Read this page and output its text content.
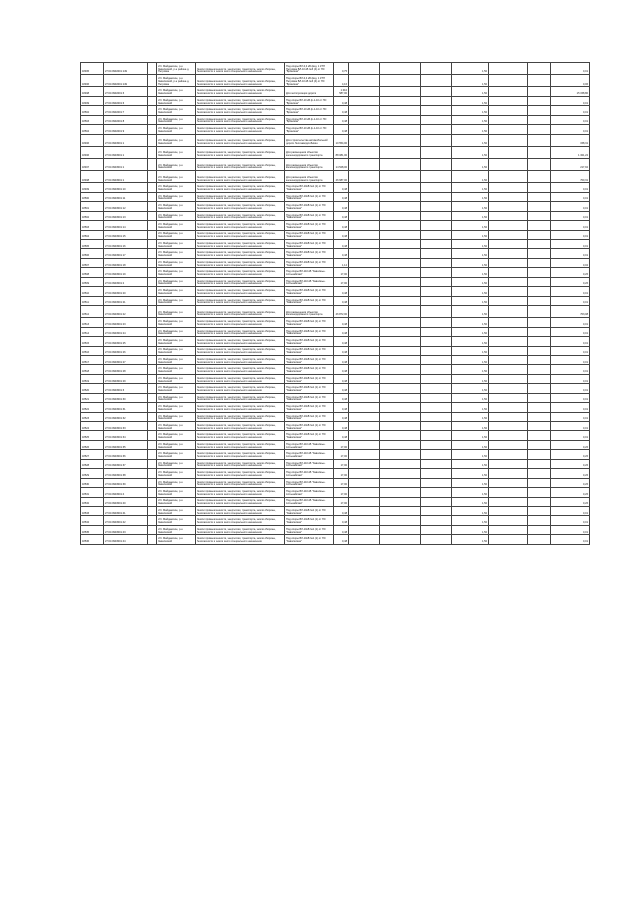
18495	27:04:0902001:149		хбт. Майданское, р-н Заволжский, р-н района д. Петровка	Земли промышленности, энергетики, транспорта, земли обороны, безопасности и земли иного специального назначения	Под опоры ВЛ-0,4 кВ фид. 1 КТП Петровка ВЛ-10 кВ №3 (4) от ПС "Брянская"	0,75				1,50			0,01
18496	27:04:0902001:149		хбт. Майданское, р-н Заволжский, р-н района д. Петровка	Земли промышленности, энергетики, транспорта, земли обороны, безопасности и земли иного специального назначения	Под опоры ВЛ-0,4 кВ фид. 1 КТП Петровка ВЛ-10 кВ №3 (4) от ПС "Брянская"	4,16				1,50			0,06
18498	27:04:0902001:3		хбт. Майданское, р-н Заволжский	Земли промышленности, энергетики, транспорта, земли обороны, безопасности и земли иного специального назначения	Для эксплуатации дороги	1 010 587,00				1,50			15 158,80
18499	27:04:0902001:6		хбт. Майданское, р-н Заволжский	Земли промышленности, энергетики, транспорта, земли обороны, безопасности и земли иного специального назначения	Под опоры ВЛ-10 кВ ф-1-10 от ПС "Брянская"	0,48				1,50			0,01
18502	27:04:0902001:7		хбт. Майданское, р-н Заволжский	Земли промышленности, энергетики, транспорта, земли обороны, безопасности и земли иного специального назначения	Под опоры ВЛ-10 кВ ф-1-10 от ПС "Брянская"	0,48				1,50			0,01
18503	27:04:0902001:8		хбт. Майданское, р-н Заволжский	Земли промышленности, энергетики, транспорта, земли обороны, безопасности и земли иного специального назначения	Под опоры ВЛ-10 кВ ф-1-10 от ПС "Брянская"	0,48				1,50			0,01
18504	27:04:0902001:9		хбт. Майданское, р-н Заволжский	Земли промышленности, энергетики, транспорта, земли обороны, безопасности и земли иного специального назначения	Под опоры ВЛ-10 кВ ф-1-10 от ПС "Брянская"	0,48				1,50			0,01
18496	27:04:0903001:1		хбт. Майданское, р-н Заволжский	Земли промышленности, энергетики, транспорта, земли обороны, безопасности и земли иного специального назначения	Для строительства автомобильной дороги Лесозаводск-Бикин	10 554,00				1,50			158,31
18496	27:04:0903001:1		хбт. Майданское, р-н Заволжский	Земли промышленности, энергетики, транспорта, земли обороны, безопасности и земли иного специального назначения	Для размещения объектов железнодорожного транспорта	88 081,00				1,50			1 321,22
18497	27:04:0903001:1		хбт. Майданское, р-н Заволжский	Земли промышленности, энергетики, транспорта, земли обороны, безопасности и земли иного специального назначения	Для размещения объектов железнодорожного транспорта	14 528,00				1,50			217,92
18498	27:04:0903001:1		хбт. Майданское, р-н Заволжский	Земли промышленности, энергетики, транспорта, земли обороны, безопасности и земли иного специального назначения	Для размещения объектов железнодорожного транспорта	46 687,00				1,50			700,31
18499	27:04:0903001:10		хбт. Майданское, р-н Заволжский	Земли промышленности, энергетики, транспорта, земли обороны, безопасности и земли иного специального назначения	Под опоры ВЛ-10кВ №1 (1) от ПС "Заволжская"	0,48				1,50			0,01
18500	27:04:0903001:11		хбт. Майданское, р-н Заволжский	Земли промышленности, энергетики, транспорта, земли обороны, безопасности и земли иного специального назначения	Под опоры ВЛ-10кВ №1 (1) от ПС "Заволжская"	0,48				1,50			0,01
18501	27:04:0903001:12		хбт. Майданское, р-н Заволжский	Земли промышленности, энергетики, транспорта, земли обороны, безопасности и земли иного специального назначения	Под опоры ВЛ-10кВ №1 (1) от ПС "Заволжская"	0,48				1,50			0,01
18502	27:04:0903001:13		хбт. Майданское, р-н Заволжский	Земли промышленности, энергетики, транспорта, земли обороны, безопасности и земли иного специального назначения	Под опоры ВЛ-10кВ №1 (1) от ПС "Заволжская"	0,48				1,50			0,01
18503	27:04:0903001:14		хбт. Майданское, р-н Заволжский	Земли промышленности, энергетики, транспорта, земли обороны, безопасности и земли иного специального назначения	Под опоры ВЛ-10кВ №1 (1) от ПС "Заволжская"	0,48				1,50			0,01
18504	27:04:0903001:15		хбт. Майданское, р-н Заволжский	Земли промышленности, энергетики, транспорта, земли обороны, безопасности и земли иного специального назначения	Под опоры ВЛ-10кВ №1 (1) от ПС "Заволжская"	0,48				1,50			0,01
18505	27:04:0903001:16		хбт. Майданское, р-н Заволжский	Земли промышленности, энергетики, транспорта, земли обороны, безопасности и земли иного специального назначения	Под опоры ВЛ-10кВ №1 (1) от ПС "Заволжская"	0,48				1,50			0,01
18506	27:04:0903001:17		хбт. Майданское, р-н Заволжский	Земли промышленности, энергетики, транспорта, земли обороны, безопасности и земли иного специального назначения	Под опоры ВЛ-10кВ №1 (1) от ПС "Заволжская"	0,48				1,50			0,01
18507	27:04:0903001:18		хбт. Майданское, р-н Заволжский	Земли промышленности, энергетики, транспорта, земли обороны, безопасности и земли иного специального назначения	Под опоры ВЛ-10кВ №1 (1) от ПС "Заволжская"	1,12				1,50			0,02
18508	27:04:0903001:19		хбт. Майданское, р-н Заволжский	Земли промышленности, энергетики, транспорта, земли обороны, безопасности и земли иного специального назначения	Под опоры ВЛ-110 кВ "Заволжье-Алтынайская"	17,00				1,50			0,26
18509	27:04:0903001:2		хбт. Майданское, р-н Заволжский	Земли промышленности, энергетики, транспорта, земли обороны, безопасности и земли иного специального назначения	Под опоры ВЛ-110 кВ "Заволжье-Алтынайская"	17,00				1,50			0,26
18510	27:04:0903001:20		хбт. Майданское, р-н Заволжский	Земли промышленности, энергетики, транспорта, земли обороны, безопасности и земли иного специального назначения	Под опоры ВЛ-10кВ №1 (1) от ПС "Заволжская"	0,48				1,50			0,01
18511	27:04:0903001:21		хбт. Майданское, р-н Заволжский	Земли промышленности, энергетики, транспорта, земли обороны, безопасности и земли иного специального назначения	Под опоры ВЛ-10кВ №1 (1) от ПС "Заволжская"	0,48				1,50			0,01
18512	27:04:0903001:22		хбт. Майданское, р-н Заволжский	Земли промышленности, энергетики, транспорта, земли обороны, безопасности и земли иного специального назначения	Для размещения объектов железнодорожного транспорта	46 872,00				1,50			703,08
18513	27:04:0903001:23		хбт. Майданское, р-н Заволжский	Земли промышленности, энергетики, транспорта, земли обороны, безопасности и земли иного специального назначения	Под опоры ВЛ-10кВ №1 (1) от ПС "Заволжская"	0,48				1,50			0,01
18514	27:04:0903001:24		хбт. Майданское, р-н Заволжский	Земли промышленности, энергетики, транспорта, земли обороны, безопасности и земли иного специального назначения	Под опоры ВЛ-10кВ №1 (1) от ПС "Заволжская"	0,48				1,50			0,01
18515	27:04:0903001:25		хбт. Майданское, р-н Заволжский	Земли промышленности, энергетики, транспорта, земли обороны, безопасности и земли иного специального назначения	Под опоры ВЛ-10кВ №1 (1) от ПС "Заволжская"	0,48				1,50			0,01
18516	27:04:0903001:26		хбт. Майданское, р-н Заволжский	Земли промышленности, энергетики, транспорта, земли обороны, безопасности и земли иного специального назначения	Под опоры ВЛ-10кВ №1 (1) от ПС "Заволжская"	0,48				1,50			0,01
18517	27:04:0903001:27		хбт. Майданское, р-н Заволжский	Земли промышленности, энергетики, транспорта, земли обороны, безопасности и земли иного специального назначения	Под опоры ВЛ-10кВ №1 (1) от ПС "Заволжская"	0,48				1,50			0,01
18518	27:04:0903001:28		хбт. Майданское, р-н Заволжский	Земли промышленности, энергетики, транспорта, земли обороны, безопасности и земли иного специального назначения	Под опоры ВЛ-10кВ №1 (1) от ПС "Заволжская"	0,48				1,50			0,01
18519	27:04:0903001:29		хбт. Майданское, р-н Заволжский	Земли промышленности, энергетики, транспорта, земли обороны, безопасности и земли иного специального назначения	Под опоры ВЛ-10кВ №1 (1) от ПС "Заволжская"	0,48				1,50			0,01
18520	27:04:0903001:3		хбт. Майданское, р-н Заволжский	Земли промышленности, энергетики, транспорта, земли обороны, безопасности и земли иного специального назначения	Под опоры ВЛ-10кВ №1 (1) от ПС "Заволжская"	0,48				1,50			0,01
18521	27:04:0903001:30		хбт. Майданское, р-н Заволжский	Земли промышленности, энергетики, транспорта, земли обороны, безопасности и земли иного специального назначения	Под опоры ВЛ-10кВ №1 (1) от ПС "Заволжская"	0,48				1,50			0,01
18522	27:04:0903001:31		хбт. Майданское, р-н Заволжский	Земли промышленности, энергетики, транспорта, земли обороны, безопасности и земли иного специального назначения	Под опоры ВЛ-10кВ №1 (1) от ПС "Заволжская"	0,48				1,50			0,01
18523	27:04:0903001:32		хбт. Майданское, р-н Заволжский	Земли промышленности, энергетики, транспорта, земли обороны, безопасности и земли иного специального назначения	Под опоры ВЛ-10кВ №1 (1) от ПС "Заволжская"	0,48				1,50			0,01
18524	27:04:0903001:33		хбт. Майданское, р-н Заволжский	Земли промышленности, энергетики, транспорта, земли обороны, безопасности и земли иного специального назначения	Под опоры ВЛ-10кВ №1 (1) от ПС "Заволжская"	0,48				1,50			0,01
18525	27:04:0903001:34		хбт. Майданское, р-н Заволжский	Земли промышленности, энергетики, транспорта, земли обороны, безопасности и земли иного специального назначения	Под опоры ВЛ-10кВ №1 (1) от ПС "Заволжская"	0,48				1,50			0,01
18526	27:04:0903001:35		хбт. Майданское, р-н Заволжский	Земли промышленности, энергетики, транспорта, земли обороны, безопасности и земли иного специального назначения	Под опоры ВЛ-110 кВ "Заволжье-Алтынайская"	17,00				1,50			0,26
18527	27:04:0903001:36		хбт. Майданское, р-н Заволжский	Земли промышленности, энергетики, транспорта, земли обороны, безопасности и земли иного специального назначения	Под опоры ВЛ-110 кВ "Заволжье-Алтынайская"	17,00				1,50			0,26
18528	27:04:0903001:37		хбт. Майданское, р-н Заволжский	Земли промышленности, энергетики, транспорта, земли обороны, безопасности и земли иного специального назначения	Под опоры ВЛ-110 кВ "Заволжье-Алтынайская"	17,00				1,50			0,26
18529	27:04:0903001:38		хбт. Майданское, р-н Заволжский	Земли промышленности, энергетики, транспорта, земли обороны, безопасности и земли иного специального назначения	Под опоры ВЛ-110 кВ "Заволжье-Алтынайская"	17,00				1,50			0,26
18530	27:04:0903001:39		хбт. Майданское, р-н Заволжский	Земли промышленности, энергетики, транспорта, земли обороны, безопасности и земли иного специального назначения	Под опоры ВЛ-110 кВ "Заволжье-Алтынайская"	17,00				1,50			0,26
18531	27:04:0903001:4		хбт. Майданское, р-н Заволжский	Земли промышленности, энергетики, транспорта, земли обороны, безопасности и земли иного специального назначения	Под опоры ВЛ-110 кВ "Заволжье-Алтынайская"	17,00				1,50			0,26
18532	27:04:0903001:40		хбт. Майданское, р-н Заволжский	Земли промышленности, энергетики, транспорта, земли обороны, безопасности и земли иного специального назначения	Под опоры ВЛ-110 кВ "Заволжье-Алтынайская"	17,00				1,50			0,26
18533	27:04:0903001:41		хбт. Майданское, р-н Заволжский	Земли промышленности, энергетики, транспорта, земли обороны, безопасности и земли иного специального назначения	Под опоры ВЛ-10кВ №1 (1) от ПС "Заволжская"	0,48				1,50			0,01
18534	27:04:0903001:42		хбт. Майданское, р-н Заволжский	Земли промышленности, энергетики, транспорта, земли обороны, безопасности и земли иного специального назначения	Под опоры ВЛ-10кВ №1 (1) от ПС "Заволжская"	0,48				1,50			0,01
18535	27:04:0903001:43		хбт. Майданское, р-н Заволжский	Земли промышленности, энергетики, транспорта, земли обороны, безопасности и земли иного специального назначения	Под опоры ВЛ-10кВ №1 (1) от ПС "Заволжская"	0,48				1,50			0,01
18536	27:04:0903001:44		хбт. Майданское, р-н Заволжский	Земли промышленности, энергетики, транспорта, земли обороны, безопасности и земли иного специального назначения	Под опоры ВЛ-10кВ №1 (1) от ПС "Заволжская"	0,48				1,50			0,01
